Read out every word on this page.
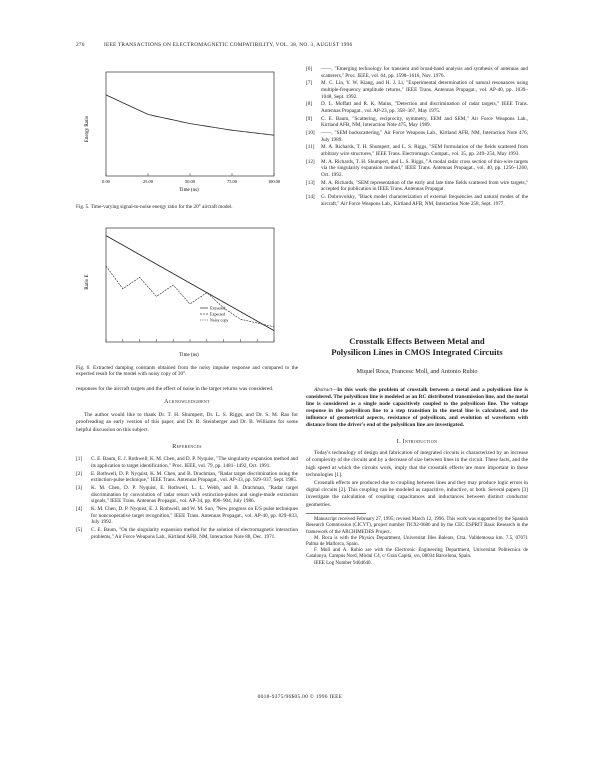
276	IEEE TRANSACTIONS ON ELECTROMAGNETIC COMPATIBILITY, VOL. 38, NO. 3, AUGUST 1996
Energy Ratio
Time (ns)
0.00	25.00	50.00	75.00	100.00
Fig. 5. Time-varying signal-to-noise energy ratio for the 20° aircraft model.
Ratio E
Time (ns)
Extracted
Expected
Noisy copy
Fig. 6. Extracted damping constants obtained from the noisy impulse response and compared to the expected result for the model with noisy copy of 30°.

responses for the aircraft targets and the effect of noise in the target returns was considered.

Acknowledgment

The author would like to thank Dr. T. H. Shumpert, Dr. L. S. Riggs, and Dr. S. M. Rao for proofreading an early version of this paper, and Dr. B. Steinberger and Dr. B. Williams for some helpful discussion on this subject.

References
[1]	C. E. Baum, E. J. Rothwell, K. M. Chen, and D. P. Nyquist, "The singularity expansion method and its application to target identification," Proc. IEEE, vol. 79, pp. 1481–1492, Oct. 1991.
[2]	E. Rothwell, D. P. Nyquist, K. M. Chen, and B. Drachman, "Radar target discrimination using the extinction-pulse technique," IEEE Trans. Antennas Propagat., vol. AP-33, pp. 929–937, Sept. 1985.
[3]	K. M. Chen, D. P. Nyquist, E. Rothwell, L. L. Webb, and B. Drachman, "Radar target discrimination by convolution of radar return with extinction-pulses and single-mode extraction signals," IEEE Trans. Antennas Propagat., vol. AP-34, pp. 896–904, July 1986.
[4]	K. M. Chen, D. P. Nyquist, E. J. Rothwell, and W. M. Sun, "New progress on E/S pulse techniques for noncooperative target recognition," IEEE Trans. Antennas Propagat., vol. AP-40, pp. 829–833, July 1992.
[5]	C. E. Baum, "On the singularity expansion method for the solution of electromagnetic interaction problems," Air Force Weapons Lab., Kirtland AFB, NM, Interaction Note 88, Dec. 1971.
[6]	——, "Emerging technology for transient and broad-band analysis and synthesis of antennas and scatterers," Proc. IEEE, vol. 64, pp. 1598–1616, Nov. 1976.
[7]	M. C. Lin, Y. W. Kiang, and H. J. Li, "Experimental determination of natural resonances using multiple-frequency amplitude returns," IEEE Trans. Antennas Propagat., vol. AP-40, pp. 1039–1048, Sept. 1992.
[8]	D. L. Moffatt and R. K. Mains, "Detection and discrimination of radar targets," IEEE Trans. Antennas Propagat., vol. AP-23, pp. 358–367, May 1975.
[9]	C. E. Baum, "Scattering, reciprocity, symmetry, EEM and SEM," Air Force Weapons Lab., Kirtland AFB, NM, Interaction Note 475, May 1989.
[10]	——, "SEM backscattering," Air Force Weapons Lab., Kirtland AFB, NM, Interaction Note 476, July 1989.
[11]	M. A. Richards, T. H. Shumpert, and L. S. Riggs, "SEM formulation of the fields scattered from arbitrary wire structures," IEEE Trans. Electromagn. Compat., vol. 35, pp. 249–254, May 1993.
[12]	M. A. Richards, T. H. Shumpert, and L. S. Riggs, "A modal radar cross section of thin-wire targets via the singularity expansion method," IEEE Trans. Antennas Propagat., vol. 40, pp. 1256–1260, Oct. 1992.
[13]	M. A. Richards, "SEM representation of the early and late time fields scattered from wire targets," accepted for publication in IEEE Trans. Antennas Propagat.
[14]	G. Dobrovolsky, "Black model characterization of external frequencies and natural modes of the aircraft," Air Force Weapons Lab., Kirtland AFB, NM, Interaction Note 258, Sept. 1977.
Crosstalk Effects Between Metal and
Polysilicon Lines in CMOS Integrated Circuits
Miquel Roca, Francesc Moll, and Antonio Rubio

Abstract—In this work the problem of crosstalk between a metal and a polysilicon line is considered. The polysilicon line is modeled as an RC distributed transmission line, and the metal line is considered as a single node capacitively coupled to the polysilicon line. The voltage response in the polysilicon line to a step transition in the metal line is calculated, and the influence of geometrical aspects, resistance of polysilicon, and evolution of waveform with distance from the driver's end of the polysilicon line are investigated.

I. Introduction

Today's technology of design and fabrication of integrated circuits is characterized by an increase of complexity of the circuits and by a decrease of size between lines in the circuit. These facts, and the high speed at which the circuits work, imply that the crosstalk effects are more important in these technologies [1].

Crosstalk effects are produced due to coupling between lines and they may produce logic errors in digital circuits [2]. This coupling can be modeled as capacitive, inductive, or both. Several papers [3] investigate the calculation of coupling capacitances and inductances between distinct conductor geometries.

Manuscript received February 27, 1995; revised March 12, 1996. This work was supported by the Spanish Research Commission (CICYT), project number TIC92-0686 and by the CEC ESPRIT Basic Research in the framework of the ARCHIMEDES Project.

M. Roca is with the Physics Department, Universitat Illes Balears, Ctra. Valldemossa km. 7.5, 07071 Palma de Mallorca, Spain.

F. Moll and A. Rubio are with the Electronic Engineering Department, Universitat Politècnica de Catalunya, Campus Nord, Mòdul C4, c/ Gran Capità, s/n, 08034 Barcelona, Spain.

IEEE Log Number 9404640.

0018-9375/96$05.00 © 1996 IEEE
